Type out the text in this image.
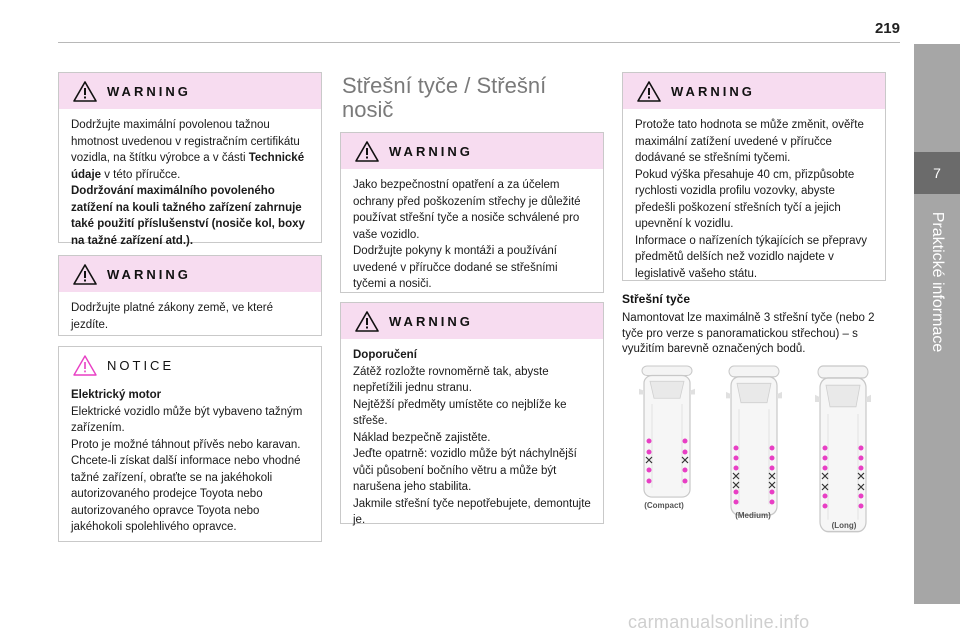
219
7
Praktické informace
WARNING

Dodržujte maximální povolenou tažnou hmotnost uvedenou v registračním certifikátu vozidla, na štítku výrobce a v části Technické údaje v této příručce.
Dodržování maximálního povoleného zatížení na kouli tažného zařízení zahrnuje také použití příslušenství (nosiče kol, boxy na tažné zařízení atd.).

WARNING

Dodržujte platné zákony země, ve které jezdíte.

NOTICE

Elektrický motor

Elektrické vozidlo může být vybaveno tažným zařízením.
Proto je možné táhnout přívěs nebo karavan.
Chcete-li získat další informace nebo vhodné tažné zařízení, obraťte se na jakéhokoli autorizovaného prodejce Toyota nebo autorizovaného opravce Toyota nebo jakéhokoli spolehlivého opravce.

Střešní tyče / Střešní nosič
WARNING

Jako bezpečnostní opatření a za účelem ochrany před poškozením střechy je důležité používat střešní tyče a nosiče schválené pro vaše vozidlo.
Dodržujte pokyny k montáži a používání uvedené v příručce dodané se střešními tyčemi a nosiči.

WARNING

Doporučení

Zátěž rozložte rovnoměrně tak, abyste nepřetížili jednu stranu.
Nejtěžší předměty umístěte co nejblíže ke střeše.
Náklad bezpečně zajistěte.
Jeďte opatrně: vozidlo může být náchylnější vůči působení bočního větru a může být narušena jeho stabilita.
Jakmile střešní tyče nepotřebujete, demontujte je.

WARNING

Protože tato hodnota se může změnit, ověřte maximální zatížení uvedené v příručce dodávané se střešními tyčemi.
Pokud výška přesahuje 40 cm, přizpůsobte rychlosti vozidla profilu vozovky, abyste předešli poškození střešních tyčí a jejich upevnění k vozidlu.
Informace o nařízeních týkajících se přepravy předmětů delších než vozidlo najdete v legislativě vašeho státu.

Střešní tyče
Namontovat lze maximálně 3 střešní tyče (nebo 2 tyče pro verze s panoramatickou střechou) – s využitím barevně označených bodů.
(Compact)
(Medium)
(Long)
carmanualsonline.info
